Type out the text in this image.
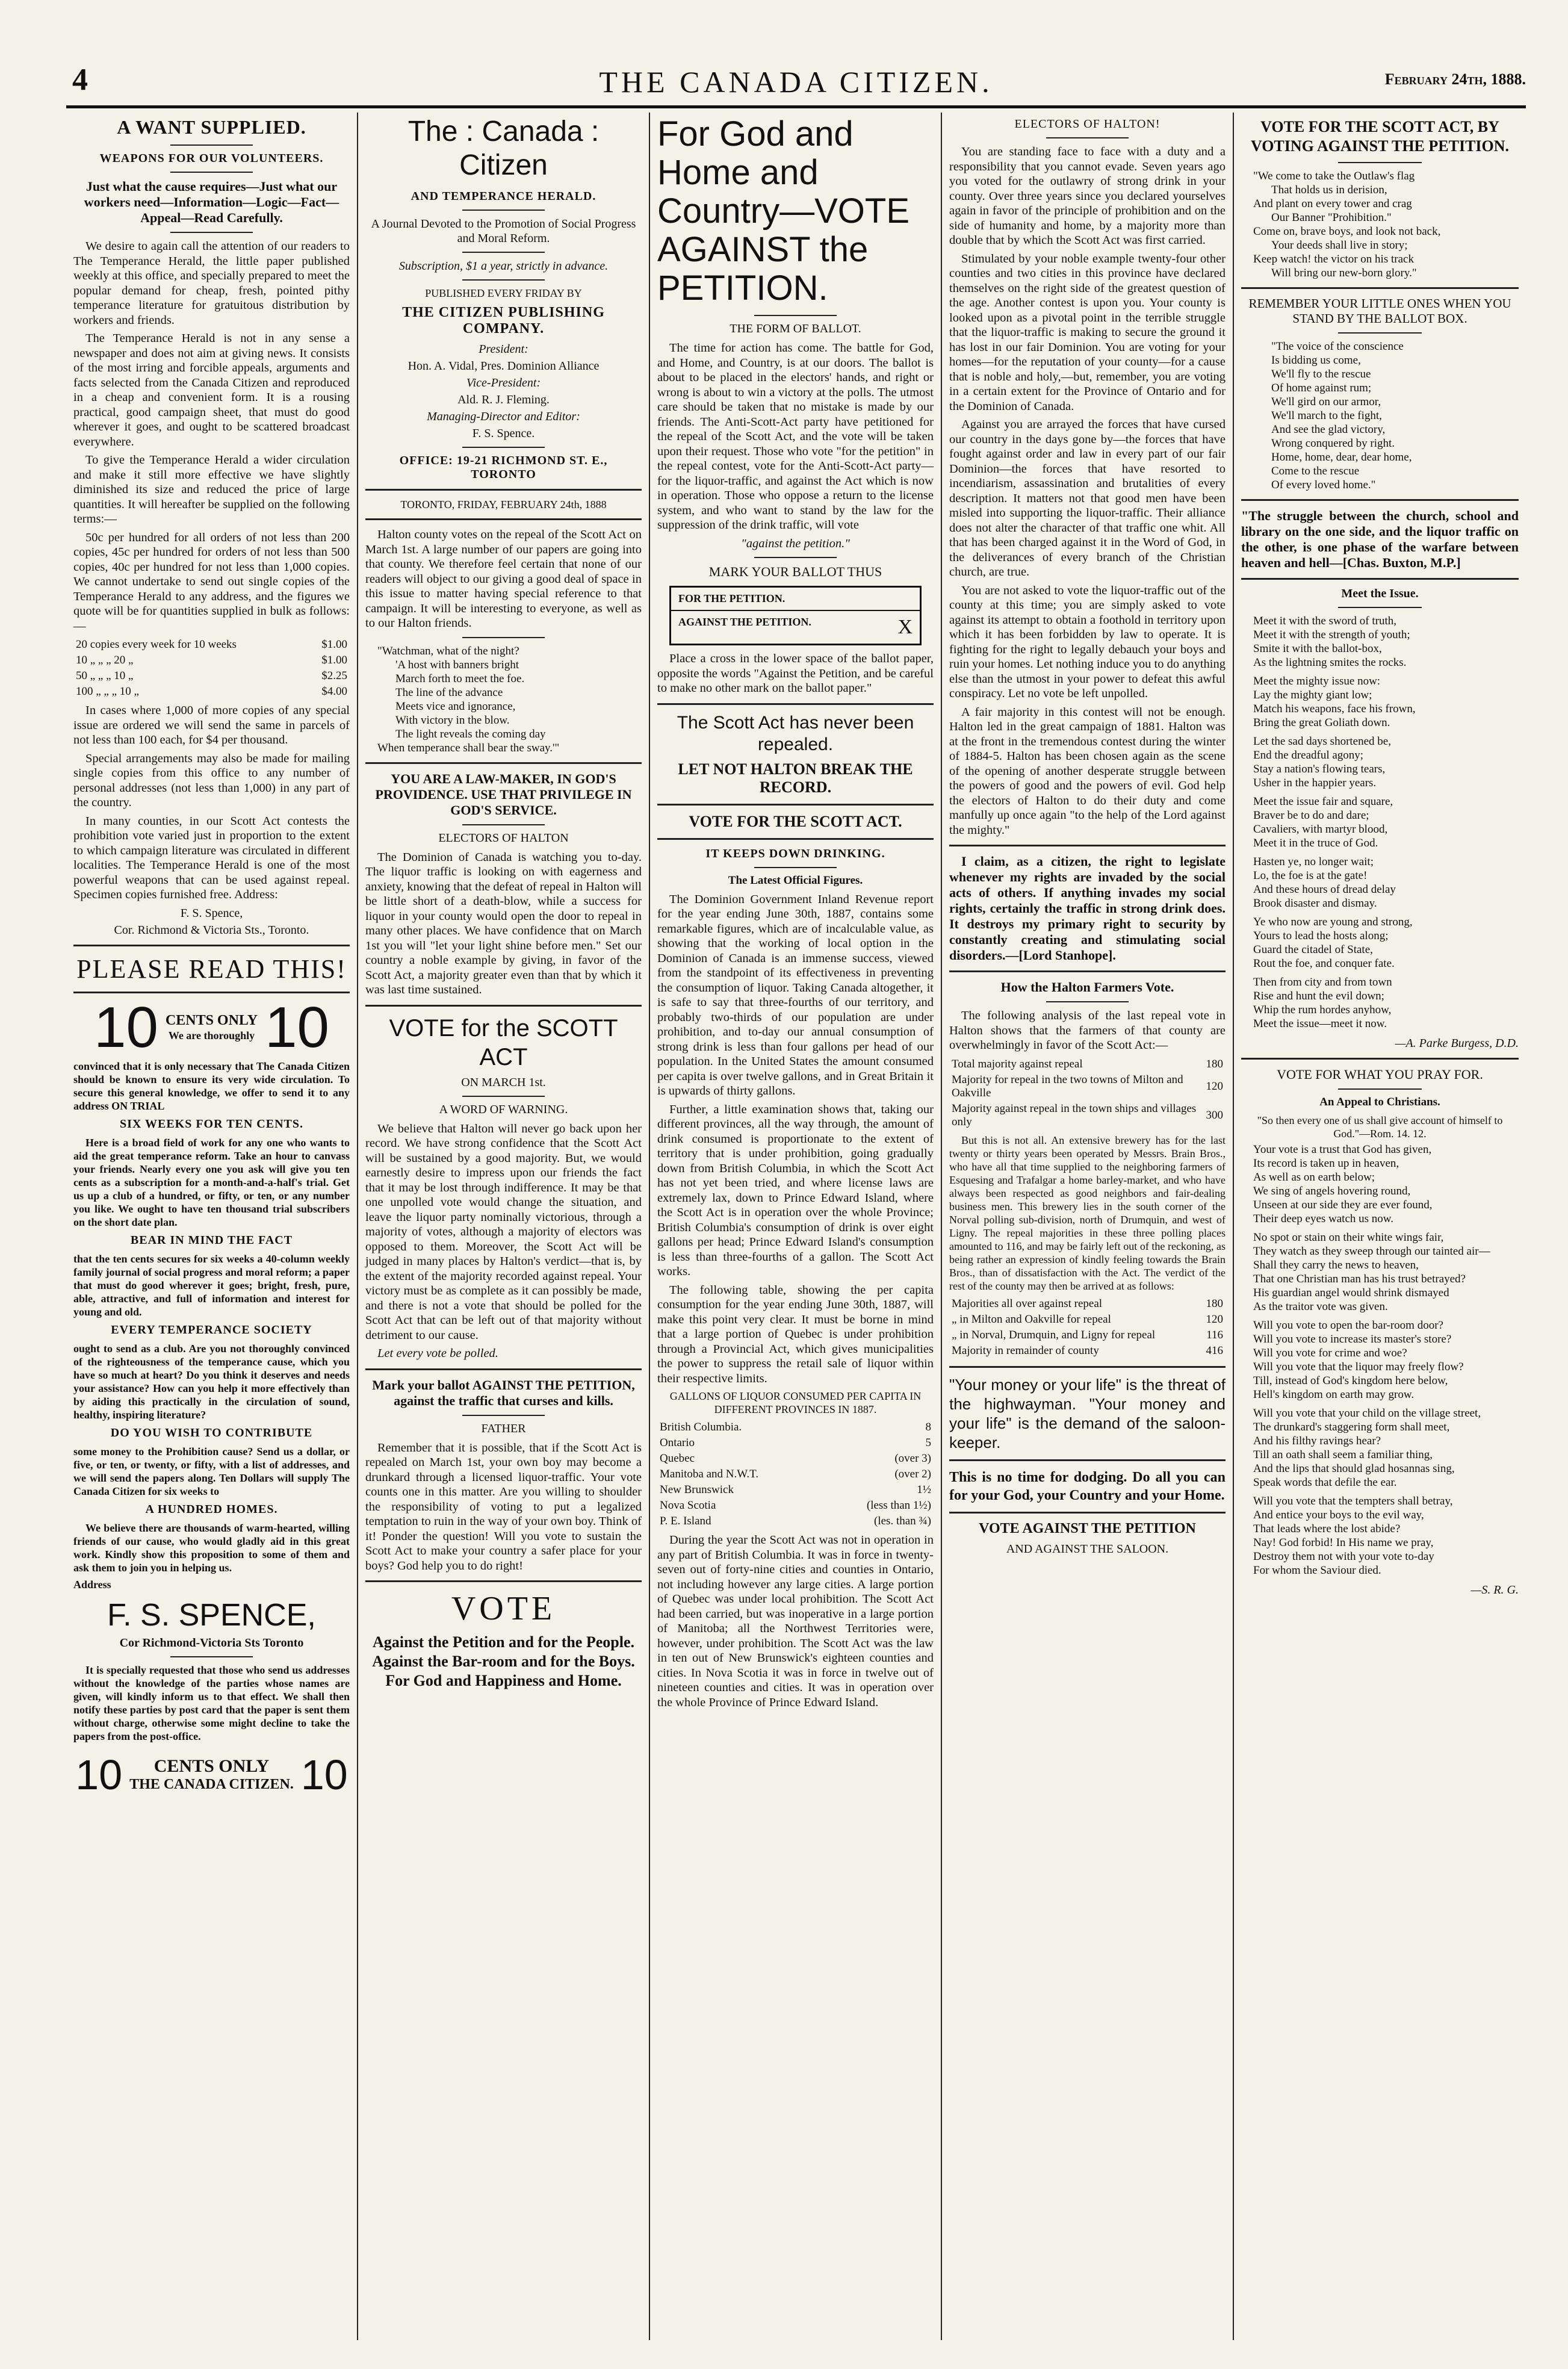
4	THE CANADA CITIZEN.	February 24th, 1888.
A WANT SUPPLIED.
WEAPONS FOR OUR VOLUNTEERS.
Just what the cause requires—Just what our workers need—Information—Logic—Fact—Appeal—Read Carefully.

We desire to again call the attention of our readers to The Temperance Herald, the little paper published weekly at this office, and specially prepared to meet the popular demand for cheap, fresh, pointed pithy temperance literature for gratuitous distribution by workers and friends.

The Temperance Herald is not in any sense a newspaper and does not aim at giving news. It consists of the most irring and forcible appeals, arguments and facts selected from the Canada Citizen and reproduced in a cheap and convenient form. It is a rousing practical, good campaign sheet, that must do good wherever it goes, and ought to be scattered broadcast everywhere.

To give the Temperance Herald a wider circulation and make it still more effective we have slightly diminished its size and reduced the price of large quantities. It will hereafter be supplied on the following terms:—

50c per hundred for all orders of not less than 200 copies, 45c per hundred for orders of not less than 500 copies, 40c per hundred for not less than 1,000 copies. We cannot undertake to send out single copies of the Temperance Herald to any address, and the figures we quote will be for quantities supplied in bulk as follows:—

20 copies every week for 10 weeks	$1.00
10 „ „ „ 20 „	$1.00
50 „ „ „ 10 „	$2.25
100 „ „ „ 10 „	$4.00

In cases where 1,000 of more copies of any special issue are ordered we will send the same in parcels of not less than 100 each, for $4 per thousand.

Special arrangements may also be made for mailing single copies from this office to any number of personal addresses (not less than 1,000) in any part of the country.

In many counties, in our Scott Act contests the prohibition vote varied just in proportion to the extent to which campaign literature was circulated in different localities. The Temperance Herald is one of the most powerful weapons that can be used against repeal. Specimen copies furnished free. Address:

F. S. Spence,
Cor. Richmond & Victoria Sts., Toronto.
PLEASE READ THIS!
10 CENTS ONLY
We are thoroughly 10

convinced that it is only necessary that The Canada Citizen should be known to ensure its very wide circulation. To secure this general knowledge, we offer to send it to any address ON TRIAL

SIX WEEKS FOR TEN CENTS.

Here is a broad field of work for any one who wants to aid the great temperance reform. Take an hour to canvass your friends. Nearly every one you ask will give you ten cents as a subscription for a month-and-a-half's trial. Get us up a club of a hundred, or fifty, or ten, or any number you like. We ought to have ten thousand trial subscribers on the short date plan.

BEAR IN MIND THE FACT

that the ten cents secures for six weeks a 40-column weekly family journal of social progress and moral reform; a paper that must do good wherever it goes; bright, fresh, pure, able, attractive, and full of information and interest for young and old.

EVERY TEMPERANCE SOCIETY

ought to send as a club. Are you not thoroughly convinced of the righteousness of the temperance cause, which you have so much at heart? Do you think it deserves and needs your assistance? How can you help it more effectively than by aiding this practically in the circulation of sound, healthy, inspiring literature?

DO YOU WISH TO CONTRIBUTE

some money to the Prohibition cause? Send us a dollar, or five, or ten, or twenty, or fifty, with a list of addresses, and we will send the papers along. Ten Dollars will supply The Canada Citizen for six weeks to

A HUNDRED HOMES.

We believe there are thousands of warm-hearted, willing friends of our cause, who would gladly aid in this great work. Kindly show this proposition to some of them and ask them to join you in helping us.

Address
F. S. SPENCE,
Cor Richmond-Victoria Sts Toronto

It is specially requested that those who send us addresses without the knowledge of the parties whose names are given, will kindly inform us to that effect. We shall then notify these parties by post card that the paper is sent them without charge, otherwise some might decline to take the papers from the post-office.

10	CENTS ONLY
THE CANADA CITIZEN. 10
The : Canada : Citizen
AND TEMPERANCE HERALD.
A Journal Devoted to the Promotion of Social Progress and Moral Reform.
Subscription, $1 a year, strictly in advance.
PUBLISHED EVERY FRIDAY BY
THE CITIZEN PUBLISHING COMPANY.
President:
Hon. A. Vidal, Pres. Dominion Alliance
Vice-President:
Ald. R. J. Fleming.
Managing-Director and Editor:
F. S. Spence.
OFFICE: 19-21 RICHMOND ST. E., TORONTO
TORONTO, FRIDAY, FEBRUARY 24th, 1888

Halton county votes on the repeal of the Scott Act on March 1st. A large number of our papers are going into that county. We therefore feel certain that none of our readers will object to our giving a good deal of space in this issue to matter having special reference to that campaign. It will be interesting to everyone, as well as to our Halton friends.

"Watchman, what of the night?
'A host with banners bright
March forth to meet the foe.
The line of the advance
Meets vice and ignorance,
With victory in the blow.
The light reveals the coming day
When temperance shall bear the sway.'"
YOU ARE A LAW-MAKER, IN GOD'S PROVIDENCE. USE THAT PRIVILEGE IN GOD'S SERVICE.
ELECTORS OF HALTON

The Dominion of Canada is watching you to-day. The liquor traffic is looking on with eagerness and anxiety, knowing that the defeat of repeal in Halton will be little short of a death-blow, while a success for liquor in your county would open the door to repeal in many other places. We have confidence that on March 1st you will "let your light shine before men." Set our country a noble example by giving, in favor of the Scott Act, a majority greater even than that by which it was last time sustained.

VOTE for the SCOTT ACT
ON MARCH 1st.
A WORD OF WARNING.

We believe that Halton will never go back upon her record. We have strong confidence that the Scott Act will be sustained by a good majority. But, we would earnestly desire to impress upon our friends the fact that it may be lost through indifference. It may be that one unpolled vote would change the situation, and leave the liquor party nominally victorious, through a majority of votes, although a majority of electors was opposed to them. Moreover, the Scott Act will be judged in many places by Halton's verdict—that is, by the extent of the majority recorded against repeal. Your victory must be as complete as it can possibly be made, and there is not a vote that should be polled for the Scott Act that can be left out of that majority without detriment to our cause.

Let every vote be polled.

Mark your ballot AGAINST THE PETITION, against the traffic that curses and kills.
FATHER

Remember that it is possible, that if the Scott Act is repealed on March 1st, your own boy may become a drunkard through a licensed liquor-traffic. Your vote counts one in this matter. Are you willing to shoulder the responsibility of voting to put a legalized temptation to ruin in the way of your own boy. Think of it! Ponder the question! Will you vote to sustain the Scott Act to make your country a safer place for your boys? God help you to do right!

VOTE
Against the Petition and for the People. Against the Bar-room and for the Boys. For God and Happiness and Home.
For God and Home and Country—VOTE AGAINST the PETITION.
THE FORM OF BALLOT.

The time for action has come. The battle for God, and Home, and Country, is at our doors. The ballot is about to be placed in the electors' hands, and right or wrong is about to win a victory at the polls. The utmost care should be taken that no mistake is made by our friends. The Anti-Scott-Act party have petitioned for the repeal of the Scott Act, and the vote will be taken upon their request. Those who vote "for the petition" in the repeal contest, vote for the Anti-Scott-Act party—for the liquor-traffic, and against the Act which is now in operation. Those who oppose a return to the license system, and who want to stand by the law for the suppression of the drink traffic, will vote

"against the petition."

MARK YOUR BALLOT THUS
FOR THE PETITION.
AGAINST THE PETITION.	X

Place a cross in the lower space of the ballot paper, opposite the words "Against the Petition, and be careful to make no other mark on the ballot paper."

The Scott Act has never been repealed.
LET NOT HALTON BREAK THE RECORD.
VOTE FOR THE SCOTT ACT.
IT KEEPS DOWN DRINKING.
The Latest Official Figures.

The Dominion Government Inland Revenue report for the year ending June 30th, 1887, contains some remarkable figures, which are of incalculable value, as showing that the working of local option in the Dominion of Canada is an immense success, viewed from the standpoint of its effectiveness in preventing the consumption of liquor. Taking Canada altogether, it is safe to say that three-fourths of our territory, and probably two-thirds of our population are under prohibition, and to-day our annual consumption of strong drink is less than four gallons per head of our population. In the United States the amount consumed per capita is over twelve gallons, and in Great Britain it is upwards of thirty gallons.

Further, a little examination shows that, taking our different provinces, all the way through, the amount of drink consumed is proportionate to the extent of territory that is under prohibition, going gradually down from British Columbia, in which the Scott Act has not yet been tried, and where license laws are extremely lax, down to Prince Edward Island, where the Scott Act is in operation over the whole Province; British Columbia's consumption of drink is over eight gallons per head; Prince Edward Island's consumption is less than three-fourths of a gallon. The Scott Act works.

The following table, showing the per capita consumption for the year ending June 30th, 1887, will make this point very clear. It must be borne in mind that a large portion of Quebec is under prohibition through a Provincial Act, which gives municipalities the power to suppress the retail sale of liquor within their respective limits.

GALLONS OF LIQUOR CONSUMED PER CAPITA IN DIFFERENT PROVINCES IN 1887.
British Columbia.	8
Ontario	5
Quebec	(over 3)
Manitoba and N.W.T.	(over 2)
New Brunswick	1½
Nova Scotia	(less than 1½)
P. E. Island	(les. than ¾)

During the year the Scott Act was not in operation in any part of British Columbia. It was in force in twenty-seven out of forty-nine cities and counties in Ontario, not including however any large cities. A large portion of Quebec was under local prohibition. The Scott Act had been carried, but was inoperative in a large portion of Manitoba; all the Northwest Territories were, however, under prohibition. The Scott Act was the law in ten out of New Brunswick's eighteen counties and cities. In Nova Scotia it was in force in twelve out of nineteen counties and cities. It was in operation over the whole Province of Prince Edward Island.

ELECTORS OF HALTON!

You are standing face to face with a duty and a responsibility that you cannot evade. Seven years ago you voted for the outlawry of strong drink in your county. Over three years since you declared yourselves again in favor of the principle of prohibition and on the side of humanity and home, by a majority more than double that by which the Scott Act was first carried.

Stimulated by your noble example twenty-four other counties and two cities in this province have declared themselves on the right side of the greatest question of the age. Another contest is upon you. Your county is looked upon as a pivotal point in the terrible struggle that the liquor-traffic is making to secure the ground it has lost in our fair Dominion. You are voting for your homes—for the reputation of your county—for a cause that is noble and holy,—but, remember, you are voting in a certain extent for the Province of Ontario and for the Dominion of Canada.

Against you are arrayed the forces that have cursed our country in the days gone by—the forces that have fought against order and law in every part of our fair Dominion—the forces that have resorted to incendiarism, assassination and brutalities of every description. It matters not that good men have been misled into supporting the liquor-traffic. Their alliance does not alter the character of that traffic one whit. All that has been charged against it in the Word of God, in the deliverances of every branch of the Christian church, are true.

You are not asked to vote the liquor-traffic out of the county at this time; you are simply asked to vote against its attempt to obtain a foothold in territory upon which it has been forbidden by law to operate. It is fighting for the right to legally debauch your boys and ruin your homes. Let nothing induce you to do anything else than the utmost in your power to defeat this awful conspiracy. Let no vote be left unpolled.

A fair majority in this contest will not be enough. Halton led in the great campaign of 1881. Halton was at the front in the tremendous contest during the winter of 1884-5. Halton has been chosen again as the scene of the opening of another desperate struggle between the powers of good and the powers of evil. God help the electors of Halton to do their duty and come manfully up once again "to the help of the Lord against the mighty."

I claim, as a citizen, the right to legislate whenever my rights are invaded by the social acts of others. If anything invades my social rights, certainly the traffic in strong drink does. It destroys my primary right to security by constantly creating and stimulating social disorders.—[Lord Stanhope].

How the Halton Farmers Vote.

The following analysis of the last repeal vote in Halton shows that the farmers of that county are overwhelmingly in favor of the Scott Act:—

Total majority against repeal	180
Majority for repeal in the two towns of Milton and Oakville	120
Majority against repeal in the town ships and villages only	300

But this is not all. An extensive brewery has for the last twenty or thirty years been operated by Messrs. Brain Bros., who have all that time supplied to the neighboring farmers of Esquesing and Trafalgar a home barley-market, and who have always been respected as good neighbors and fair-dealing business men. This brewery lies in the south corner of the Norval polling sub-division, north of Drumquin, and west of Ligny. The repeal majorities in these three polling places amounted to 116, and may be fairly left out of the reckoning, as being rather an expression of kindly feeling towards the Brain Bros., than of dissatisfaction with the Act. The verdict of the rest of the county may then be arrived at as follows:

Majorities all over against repeal	180
„ in Milton and Oakville for repeal	120
„ in Norval, Drumquin, and Ligny for repeal	116
Majority in remainder of county	416

"Your money or your life" is the threat of the highwayman. "Your money and your life" is the demand of the saloon-keeper.

This is no time for dodging. Do all you can for your God, your Country and your Home.

VOTE AGAINST THE PETITION
AND AGAINST THE SALOON.
VOTE FOR THE SCOTT ACT, BY VOTING AGAINST THE PETITION.
"We come to take the Outlaw's flag
That holds us in derision,
And plant on every tower and crag
Our Banner "Prohibition."
Come on, brave boys, and look not back,
Your deeds shall live in story;
Keep watch! the victor on his track
Will bring our new-born glory."
REMEMBER YOUR LITTLE ONES WHEN YOU STAND BY THE BALLOT BOX.
"The voice of the conscience
Is bidding us come,
We'll fly to the rescue
Of home against rum;
We'll gird on our armor,
We'll march to the fight,
And see the glad victory,
Wrong conquered by right.
Home, home, dear, dear home,
Come to the rescue
Of every loved home."

"The struggle between the church, school and library on the one side, and the liquor traffic on the other, is one phase of the warfare between heaven and hell—[Chas. Buxton, M.P.]

Meet the Issue.
Meet it with the sword of truth,
Meet it with the strength of youth;
Smite it with the ballot-box,
As the lightning smites the rocks.

Meet the mighty issue now:
Lay the mighty giant low;
Match his weapons, face his frown,
Bring the great Goliath down.

Let the sad days shortened be,
End the dreadful agony;
Stay a nation's flowing tears,
Usher in the happier years.

Meet the issue fair and square,
Braver be to do and dare;
Cavaliers, with martyr blood,
Meet it in the truce of God.

Hasten ye, no longer wait;
Lo, the foe is at the gate!
And these hours of dread delay
Brook disaster and dismay.

Ye who now are young and strong,
Yours to lead the hosts along;
Guard the citadel of State,
Rout the foe, and conquer fate.

Then from city and from town
Rise and hunt the evil down;
Whip the rum hordes anyhow,
Meet the issue—meet it now.
—A. Parke Burgess, D.D.
VOTE FOR WHAT YOU PRAY FOR.
An Appeal to Christians.
"So then every one of us shall give account of himself to God."—Rom. 14. 12.
Your vote is a trust that God has given,
Its record is taken up in heaven,
As well as on earth below;
We sing of angels hovering round,
Unseen at our side they are ever found,
Their deep eyes watch us now.

No spot or stain on their white wings fair,
They watch as they sweep through our tainted air—
Shall they carry the news to heaven,
That one Christian man has his trust betrayed?
His guardian angel would shrink dismayed
As the traitor vote was given.

Will you vote to open the bar-room door?
Will you vote to increase its master's store?
Will you vote for crime and woe?
Will you vote that the liquor may freely flow?
Till, instead of God's kingdom here below,
Hell's kingdom on earth may grow.

Will you vote that your child on the village street,
The drunkard's staggering form shall meet,
And his filthy ravings hear?
Till an oath shall seem a familiar thing,
And the lips that should glad hosannas sing,
Speak words that defile the ear.

Will you vote that the tempters shall betray,
And entice your boys to the evil way,
That leads where the lost abide?
Nay! God forbid! In His name we pray,
Destroy them not with your vote to-day
For whom the Saviour died.
—S. R. G.
